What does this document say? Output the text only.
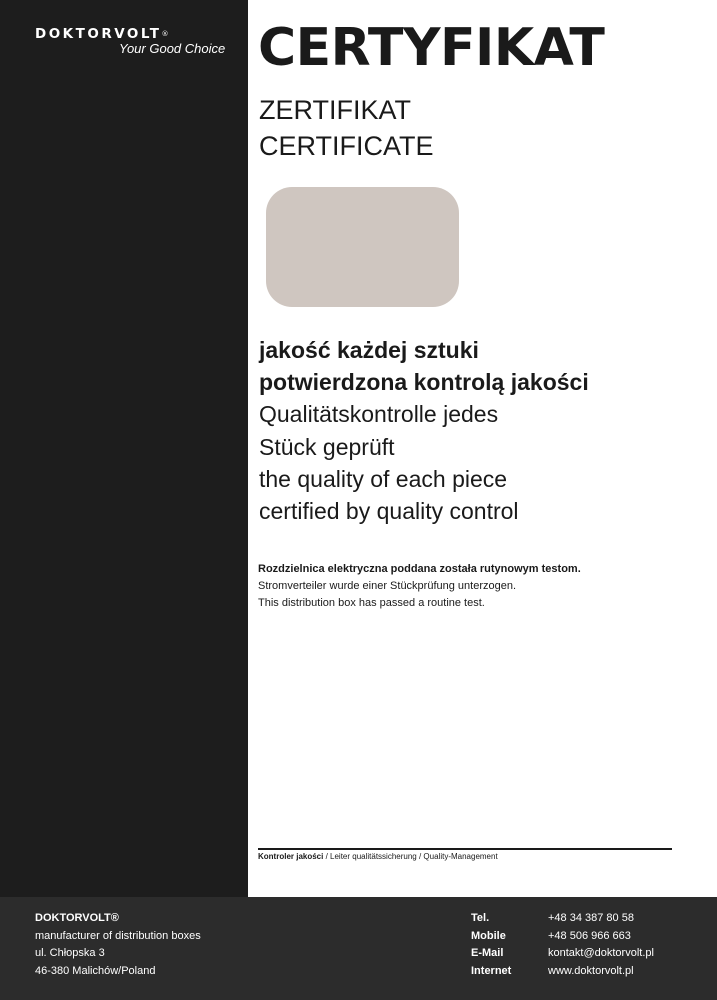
DOKTORVOLT®
Your Good Choice CERTYFIKAT
ZERTIFIKAT
CERTIFICATE
jakość każdej sztuki
potwierdzona kontrolą jakości
Qualitätskontrolle jedes
Stück geprüft
the quality of each piece
certified by quality control
Rozdzielnica elektryczna poddana została rutynowym testom.
Stromverteiler wurde einer Stückprüfung unterzogen.
This distribution box has passed a routine test.
Kontroler jakości / Leiter qualitätssicherung / Quality-Management
DOKTORVOLT®
manufacturer of distribution boxes
ul. Chłopska 3
46-380 Malichów/Poland
Tel.
Mobile
E-Mail
Internet
+48 34 387 80 58
+48 506 966 663
kontakt@doktorvolt.pl
www.doktorvolt.pl
